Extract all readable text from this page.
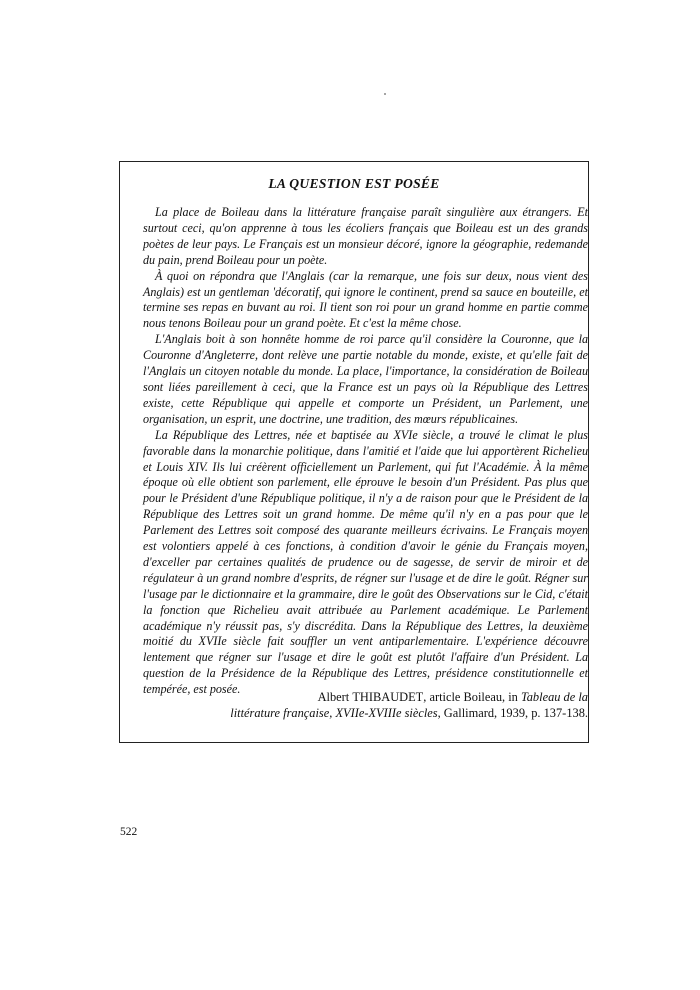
LA QUESTION EST POSÉE

La place de Boileau dans la littérature française paraît singulière aux étrangers. Et surtout ceci, qu'on apprenne à tous les écoliers français que Boileau est un des grands poètes de leur pays. Le Français est un monsieur décoré, ignore la géographie, redemande du pain, prend Boileau pour un poète.

À quoi on répondra que l'Anglais (car la remarque, une fois sur deux, nous vient des Anglais) est un gentleman 'décoratif, qui ignore le continent, prend sa sauce en bouteille, et termine ses repas en buvant au roi. Il tient son roi pour un grand homme en partie comme nous tenons Boileau pour un grand poète. Et c'est la même chose.

L'Anglais boit à son honnête homme de roi parce qu'il considère la Couronne, que la Couronne d'Angleterre, dont relève une partie notable du monde, existe, et qu'elle fait de l'Anglais un citoyen notable du monde. La place, l'importance, la considération de Boileau sont liées pareillement à ceci, que la France est un pays où la République des Lettres existe, cette République qui appelle et comporte un Président, un Parlement, une organisation, un esprit, une doctrine, une tradition, des mœurs républicaines.

La République des Lettres, née et baptisée au XVIe siècle, a trouvé le climat le plus favorable dans la monarchie politique, dans l'amitié et l'aide que lui apportèrent Richelieu et Louis XIV. Ils lui créèrent officiellement un Parlement, qui fut l'Académie. À la même époque où elle obtient son parlement, elle éprouve le besoin d'un Président. Pas plus que pour le Président d'une République politique, il n'y a de raison pour que le Président de la République des Lettres soit un grand homme. De même qu'il n'y en a pas pour que le Parlement des Lettres soit composé des quarante meilleurs écrivains. Le Français moyen est volontiers appelé à ces fonctions, à condition d'avoir le génie du Français moyen, d'exceller par certaines qualités de prudence ou de sagesse, de servir de miroir et de régulateur à un grand nombre d'esprits, de régner sur l'usage et de dire le goût. Régner sur l'usage par le dictionnaire et la grammaire, dire le goût des Observations sur le Cid, c'était la fonction que Richelieu avait attribuée au Parlement académique. Le Parlement académique n'y réussit pas, s'y discrédita. Dans la République des Lettres, la deuxième moitié du XVIIe siècle fait souffler un vent antiparlementaire. L'expérience découvre lentement que régner sur l'usage et dire le goût est plutôt l'affaire d'un Président. La question de la Présidence de la République des Lettres, présidence constitutionnelle et tempérée, est posée.

Albert THIBAUDET, article Boileau, in Tableau de la
littérature française, XVIIe-XVIIIe siècles, Gallimard, 1939, p. 137-138.
522
